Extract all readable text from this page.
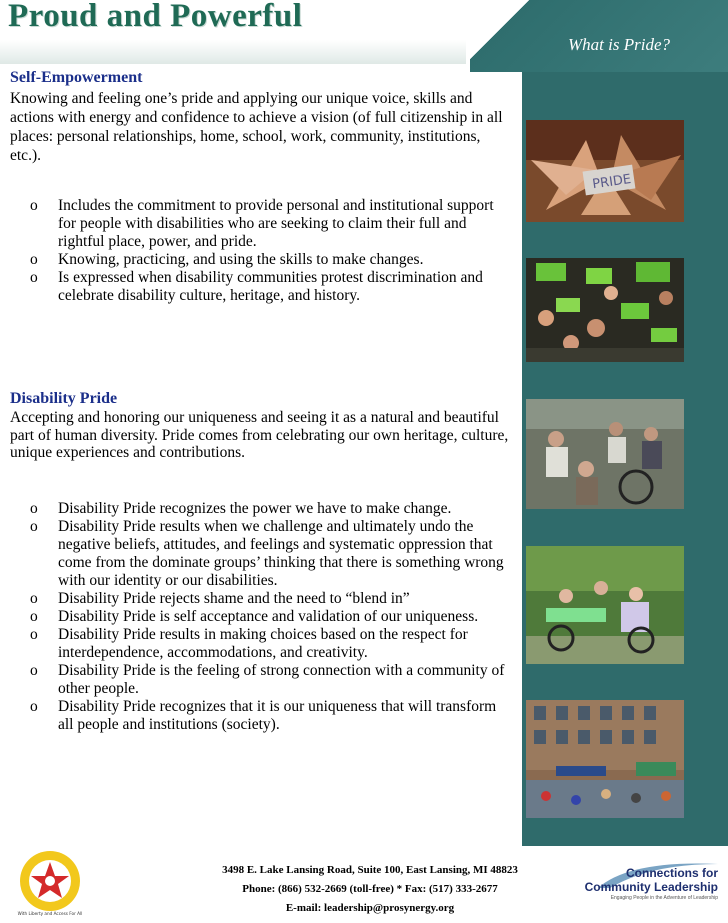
What is Pride?
PRIDE
Proud and Powerful
Self-Empowerment
Knowing and feeling one’s pride and applying our unique voice, skills and actions with energy and confidence to achieve a vision (of full citizenship in all places: personal relationships, home, school, work, community, institutions, etc.).
o Includes the commitment to provide personal and institutional support for people with disabilities who are seeking to claim their full and rightful place, power, and pride.
o Knowing, practicing, and using the skills to make changes.
o Is expressed when disability communities protest discrimination and celebrate disability culture, heritage, and history.
Disability Pride
Accepting and honoring our uniqueness and seeing it as a natural and beautiful part of human diversity. Pride comes from celebrating our own heritage, culture, unique experiences and contributions.
o Disability Pride recognizes the power we have to make change.
o Disability Pride results when we challenge and ultimately undo the negative beliefs, attitudes, and feelings and systematic oppression that come from the dominate groups’ thinking that there is something wrong with our identity or our disabilities.
o Disability Pride rejects shame and the need to “blend in”
o Disability Pride is self acceptance and validation of our uniqueness.
o Disability Pride results in making choices based on the respect for interdependence, accommodations, and creativity.
o Disability Pride is the feeling of strong connection with a community of other people.
o Disability Pride recognizes that it is our uniqueness that will transform all people and institutions (society).
With Liberty and Access For All
3498 E. Lake Lansing Road, Suite 100, East Lansing, MI 48823
Phone: (866) 532-2669 (toll-free) * Fax: (517) 333-2677
E-mail: leadership@prosynergy.org
Connections for
Community Leadership
Engaging People in the Adventure of Leadership
